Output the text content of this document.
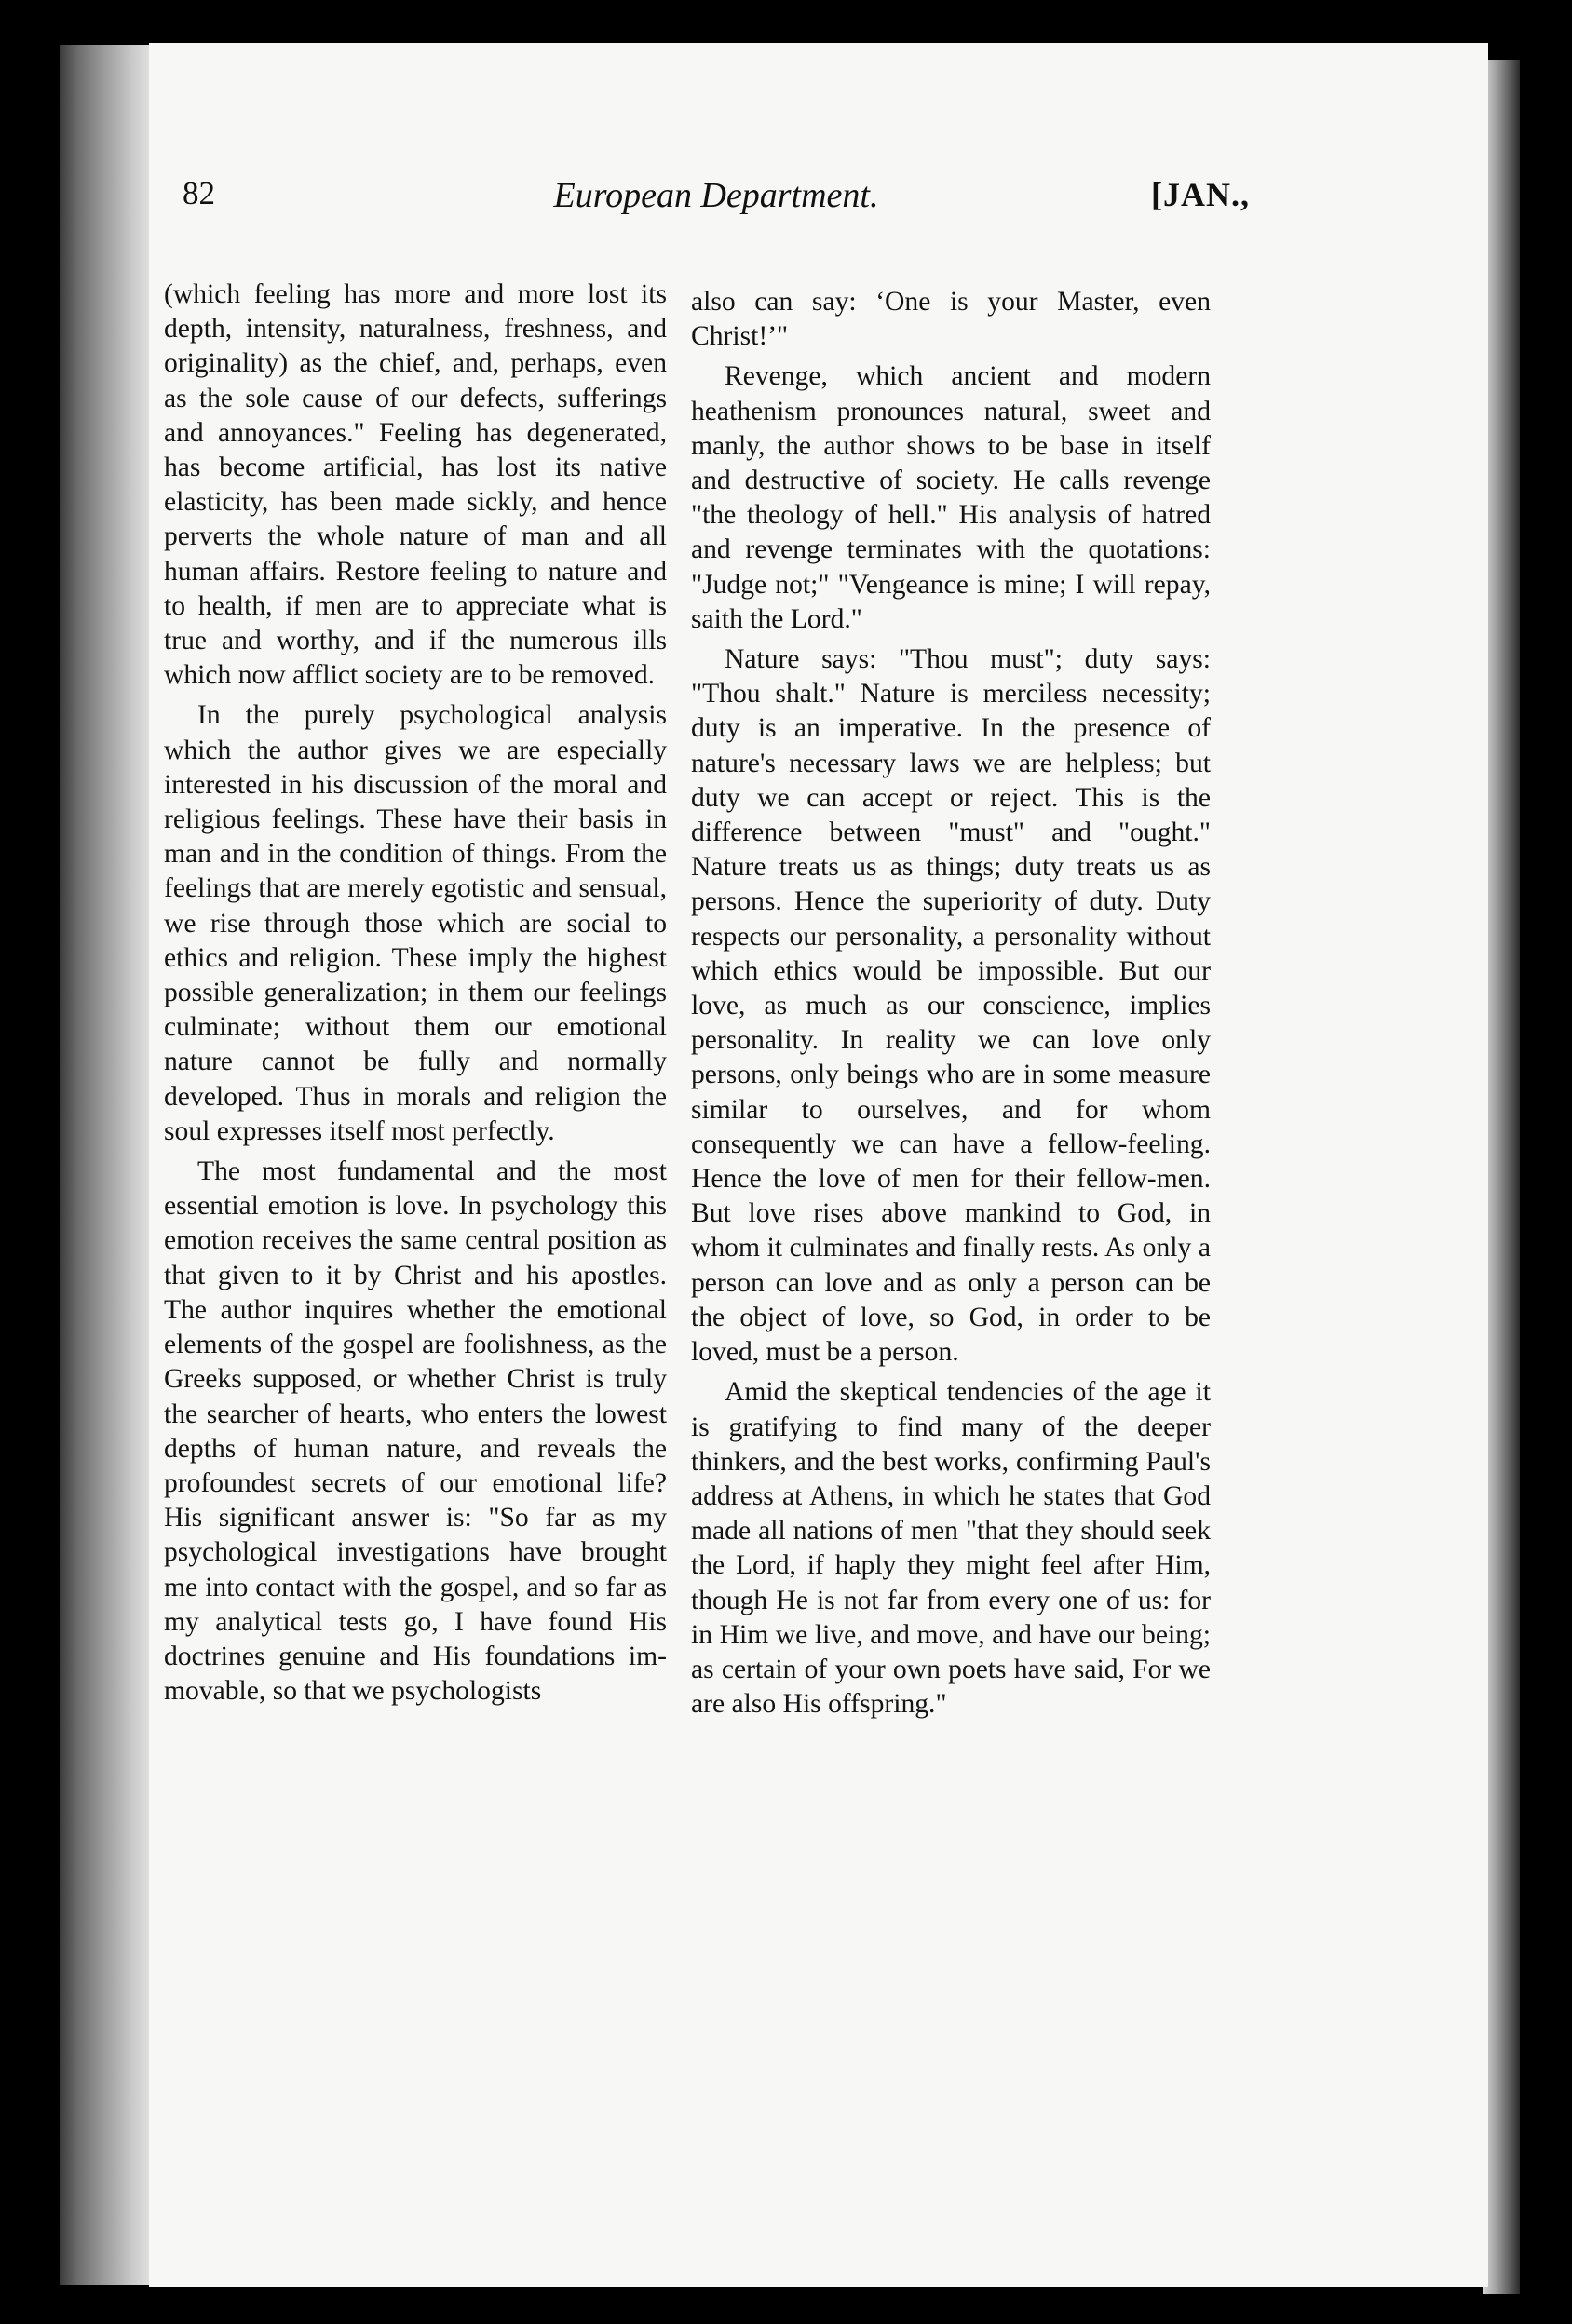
82	European Department.	[JAN.,

(which feeling has more and more lost its depth, intensity, naturalness, freshness, and originality) as the chief, and, perhaps, even as the sole cause of our defects, sufferings and annoyances." Feeling has degenerated, has become artificial, has lost its native elasticity, has been made sickly, and hence perverts the whole nature of man and all human affairs. Restore feeling to nature and to health, if men are to appreciate what is true and worthy, and if the numerous ills which now afflict society are to be removed.

In the purely psychological analysis which the author gives we are especially interested in his discussion of the moral and religious feelings. These have their basis in man and in the condition of things. From the feelings that are merely egotistic and sensual, we rise through those which are social to ethics and religion. These imply the highest possible generalization; in them our feelings culminate; without them our emotional nature cannot be fully and normally developed. Thus in morals and religion the soul expresses itself most perfectly.

The most fundamental and the most essential emotion is love. In psychology this emotion receives the same central position as that given to it by Christ and his apostles. The author inquires whether the emotional elements of the gospel are foolishness, as the Greeks supposed, or whether Christ is truly the searcher of hearts, who enters the lowest depths of human nature, and reveals the profoundest secrets of our emotional life? His significant answer is: "So far as my psychological investigations have brought me into contact with the gospel, and so far as my analytical tests go, I have found His doctrines genuine and His foundations immovable, so that we psychologists

also can say: ‘One is your Master, even Christ!’"

Revenge, which ancient and modern heathenism pronounces natural, sweet and manly, the author shows to be base in itself and destructive of society. He calls revenge "the theology of hell." His analysis of hatred and revenge terminates with the quotations: "Judge not;" "Vengeance is mine; I will repay, saith the Lord."

Nature says: "Thou must"; duty says: "Thou shalt." Nature is merciless necessity; duty is an imperative. In the presence of nature's necessary laws we are helpless; but duty we can accept or reject. This is the difference between "must" and "ought." Nature treats us as things; duty treats us as persons. Hence the superiority of duty. Duty respects our personality, a personality without which ethics would be impossible. But our love, as much as our conscience, implies personality. In reality we can love only persons, only beings who are in some measure similar to ourselves, and for whom consequently we can have a fellow-feeling. Hence the love of men for their fellow-men. But love rises above mankind to God, in whom it culminates and finally rests. As only a person can love and as only a person can be the object of love, so God, in order to be loved, must be a person.

Amid the skeptical tendencies of the age it is gratifying to find many of the deeper thinkers, and the best works, confirming Paul's address at Athens, in which he states that God made all nations of men "that they should seek the Lord, if haply they might feel after Him, though He is not far from every one of us: for in Him we live, and move, and have our being; as certain of your own poets have said, For we are also His offspring."
